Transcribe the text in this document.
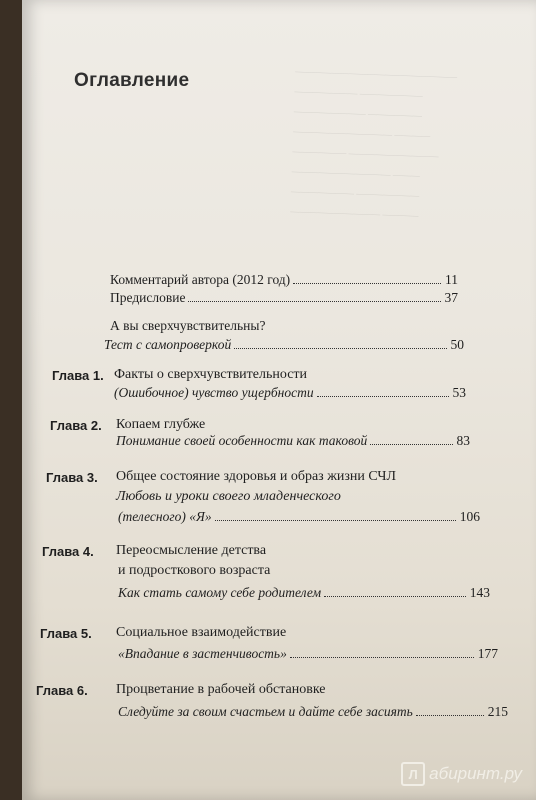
——————————————————
——————— ———————
———————— ——————
——————————— ————
—————— ——————————
——————————— ———
——————— ———————
—————————— ————
Оглавление
Комментарий автора (2012 год)	11
Предисловие	37
А вы сверхчувствительны?
Тест с самопроверкой	50
Глава 1. Факты о сверхчувствительности
(Ошибочное) чувство ущербности	53
Глава 2. Копаем глубже
Понимание своей особенности как таковой	83
Глава 3. Общее состояние здоровья и образ жизни СЧЛ
Любовь и уроки своего младенческого
(телесного) «Я»	106
Глава 4. Переосмысление детства
и подросткового возраста
Как стать самому себе родителем	143
Глава 5. Социальное взаимодействие
«Впадание в застенчивость»	177
Глава 6. Процветание в рабочей обстановке
Следуйте за своим счастьем и дайте себе засиять	215
Л абиринт.ру
